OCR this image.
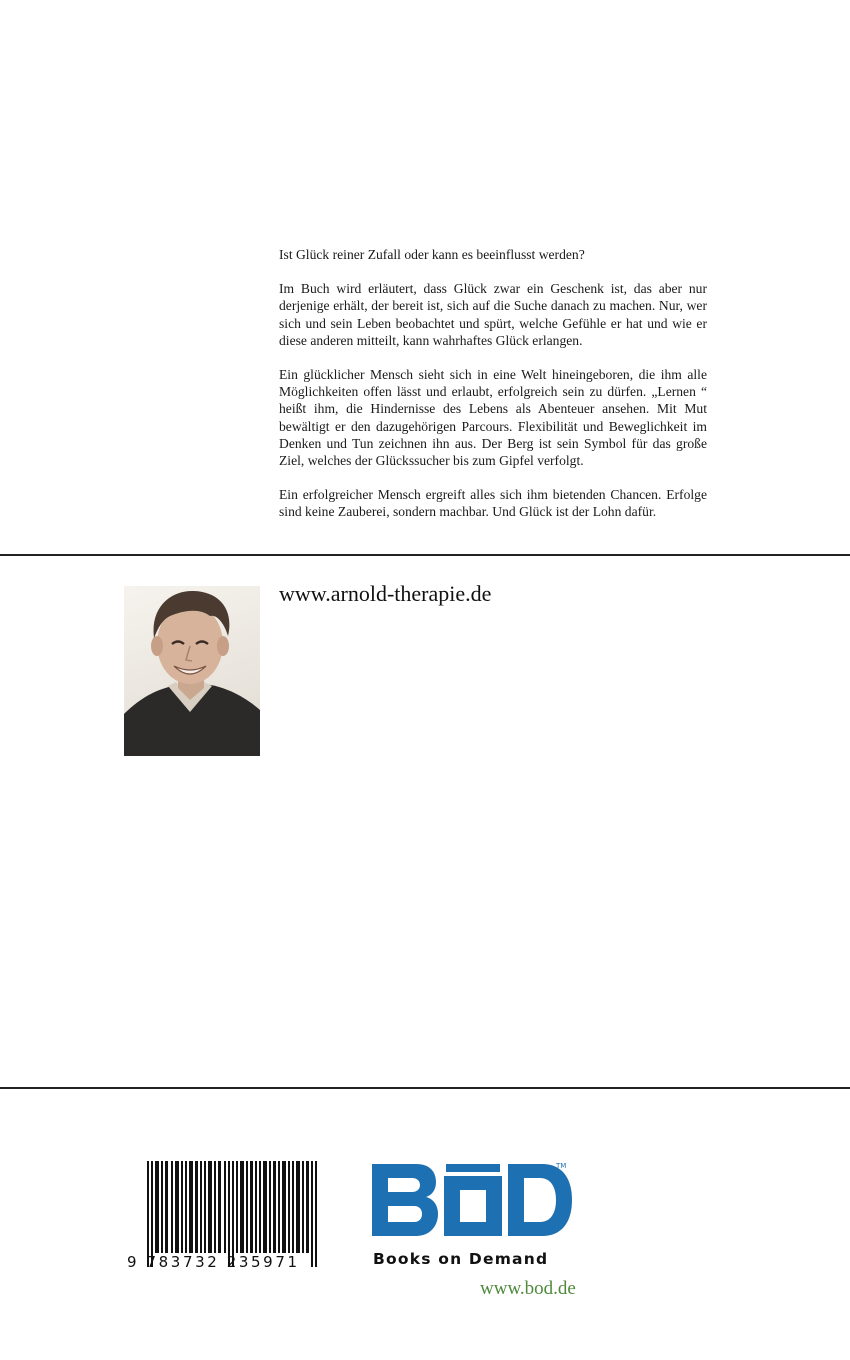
Ist Glück reiner Zufall oder kann es beeinflusst werden?

Im Buch wird erläutert, dass Glück zwar ein Geschenk ist, das aber nur derjenige erhält, der bereit ist, sich auf die Suche danach zu machen. Nur, wer sich und sein Leben beobachtet und spürt, welche Gefühle er hat und wie er diese anderen mitteilt, kann wahrhaftes Glück erlangen.

Ein glücklicher Mensch sieht sich in eine Welt hineingeboren, die ihm alle Möglichkeiten offen lässt und erlaubt, erfolgreich sein zu dürfen. „Lernen “ heißt ihm, die Hindernisse des Lebens als Abenteuer ansehen. Mit Mut bewältigt er den dazugehörigen Parcours. Flexibilität und Beweglichkeit im Denken und Tun zeichnen ihn aus. Der Berg ist sein Symbol für das große Ziel, welches der Glückssucher bis zum Gipfel verfolgt.

Ein erfolgreicher Mensch ergreift alles sich ihm bietenden Chancen. Erfolge sind keine Zauberei, sondern machbar. Und Glück ist der Lohn dafür.

www.arnold-therapie.de
9 783732 235971
TM
Books on Demand
www.bod.de
